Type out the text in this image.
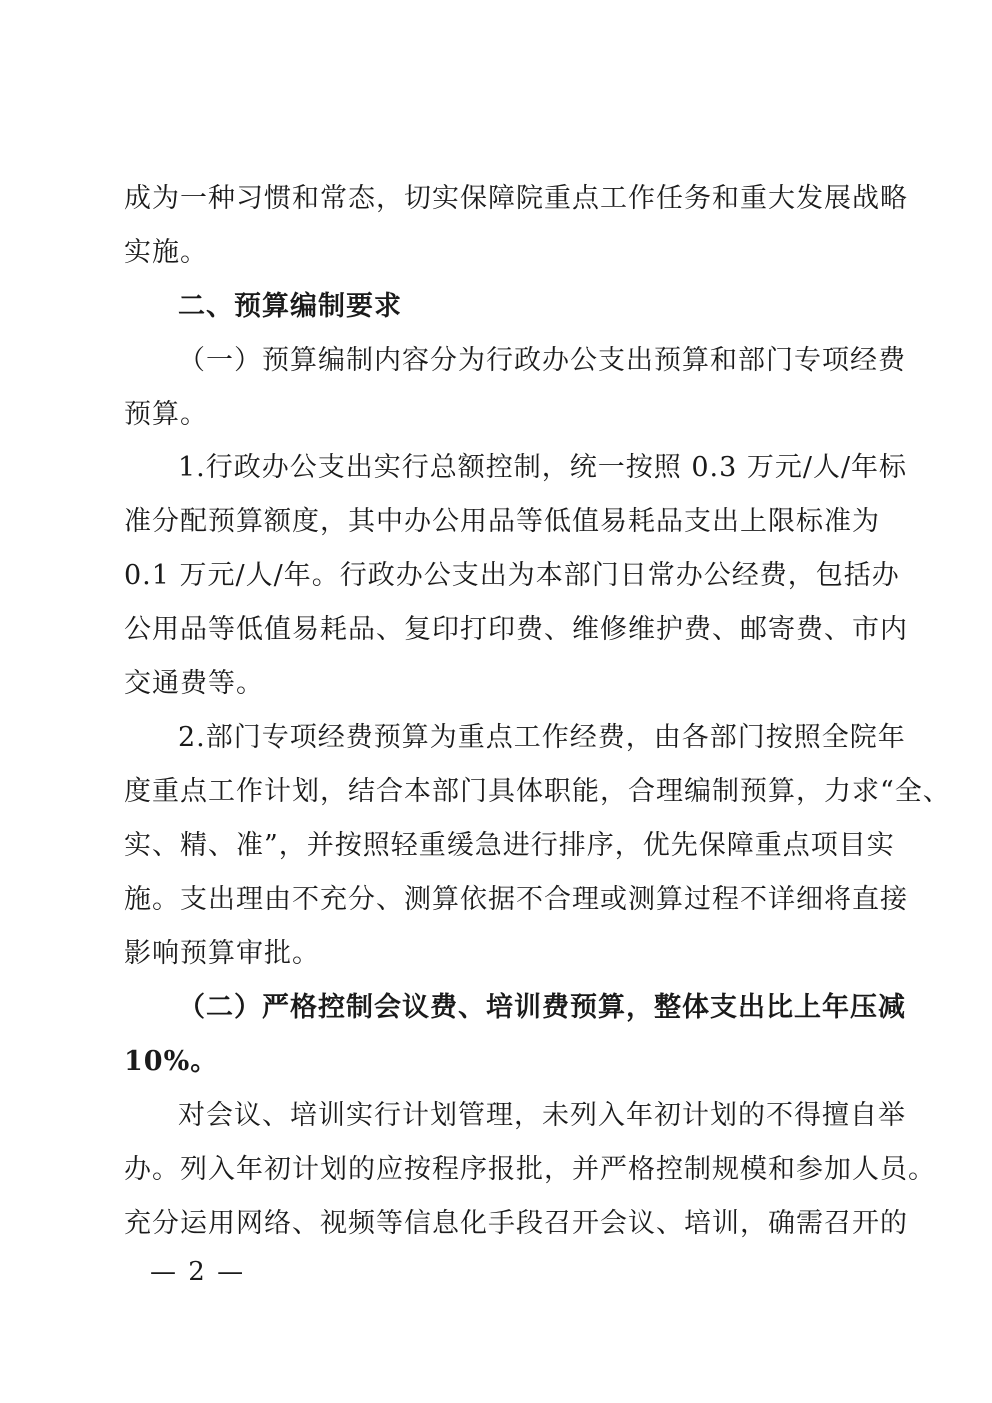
成为一种习惯和常态，切实保障院重点工作任务和重大发展战略
实施。
二、预算编制要求
（一）预算编制内容分为行政办公支出预算和部门专项经费
预算。
1.行政办公支出实行总额控制，统一按照 0.3 万元/人/年标
准分配预算额度，其中办公用品等低值易耗品支出上限标准为
0.1 万元/人/年。行政办公支出为本部门日常办公经费，包括办
公用品等低值易耗品、复印打印费、维修维护费、邮寄费、市内
交通费等。
2.部门专项经费预算为重点工作经费，由各部门按照全院年
度重点工作计划，结合本部门具体职能，合理编制预算，力求“全、
实、精、准”，并按照轻重缓急进行排序，优先保障重点项目实
施。支出理由不充分、测算依据不合理或测算过程不详细将直接
影响预算审批。
（二）严格控制会议费、培训费预算，整体支出比上年压减
10%。
对会议、培训实行计划管理，未列入年初计划的不得擅自举
办。列入年初计划的应按程序报批，并严格控制规模和参加人员。
充分运用网络、视频等信息化手段召开会议、培训，确需召开的
— 2 —
